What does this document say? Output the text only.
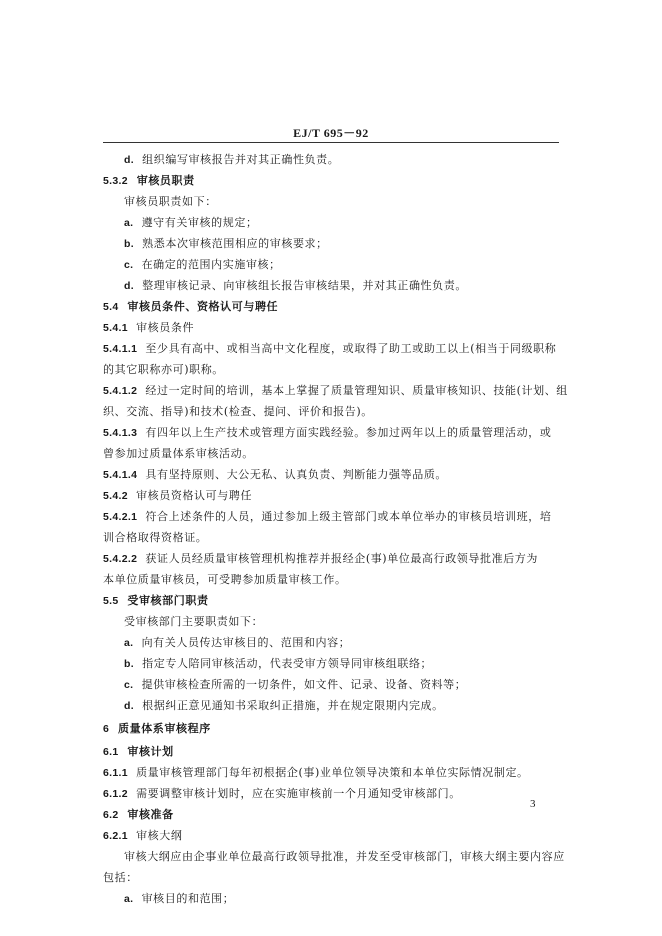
EJ/T 695－92
d. 组织编写审核报告并对其正确性负责。
5.3.2 审核员职责
审核员职责如下：
a. 遵守有关审核的规定；
b. 熟悉本次审核范围相应的审核要求；
c. 在确定的范围内实施审核；
d. 整理审核记录、向审核组长报告审核结果，并对其正确性负责。
5.4 审核员条件、资格认可与聘任
5.4.1 审核员条件
5.4.1.1 至少具有高中、或相当高中文化程度，或取得了助工或助工以上(相当于同级职称
的其它职称亦可)职称。
5.4.1.2 经过一定时间的培训，基本上掌握了质量管理知识、质量审核知识、技能(计划、组
织、交流、指导)和技术(检查、提问、评价和报告)。
5.4.1.3 有四年以上生产技术或管理方面实践经验。参加过两年以上的质量管理活动，或
曾参加过质量体系审核活动。
5.4.1.4 具有坚持原则、大公无私、认真负责、判断能力强等品质。
5.4.2 审核员资格认可与聘任
5.4.2.1 符合上述条件的人员，通过参加上级主管部门或本单位举办的审核员培训班，培
训合格取得资格证。
5.4.2.2 获证人员经质量审核管理机构推荐并报经企(事)单位最高行政领导批准后方为
本单位质量审核员，可受聘参加质量审核工作。
5.5 受审核部门职责
受审核部门主要职责如下：
a. 向有关人员传达审核目的、范围和内容；
b. 指定专人陪同审核活动，代表受审方领导同审核组联络；
c. 提供审核检查所需的一切条件，如文件、记录、设备、资料等；
d. 根据纠正意见通知书采取纠正措施，并在规定限期内完成。
6 质量体系审核程序
6.1 审核计划
6.1.1 质量审核管理部门每年初根据企(事)业单位领导决策和本单位实际情况制定。
6.1.2 需要调整审核计划时，应在实施审核前一个月通知受审核部门。
6.2 审核准备
6.2.1 审核大纲
审核大纲应由企事业单位最高行政领导批准，并发至受审核部门，审核大纲主要内容应
包括：
a. 审核目的和范围；
3
